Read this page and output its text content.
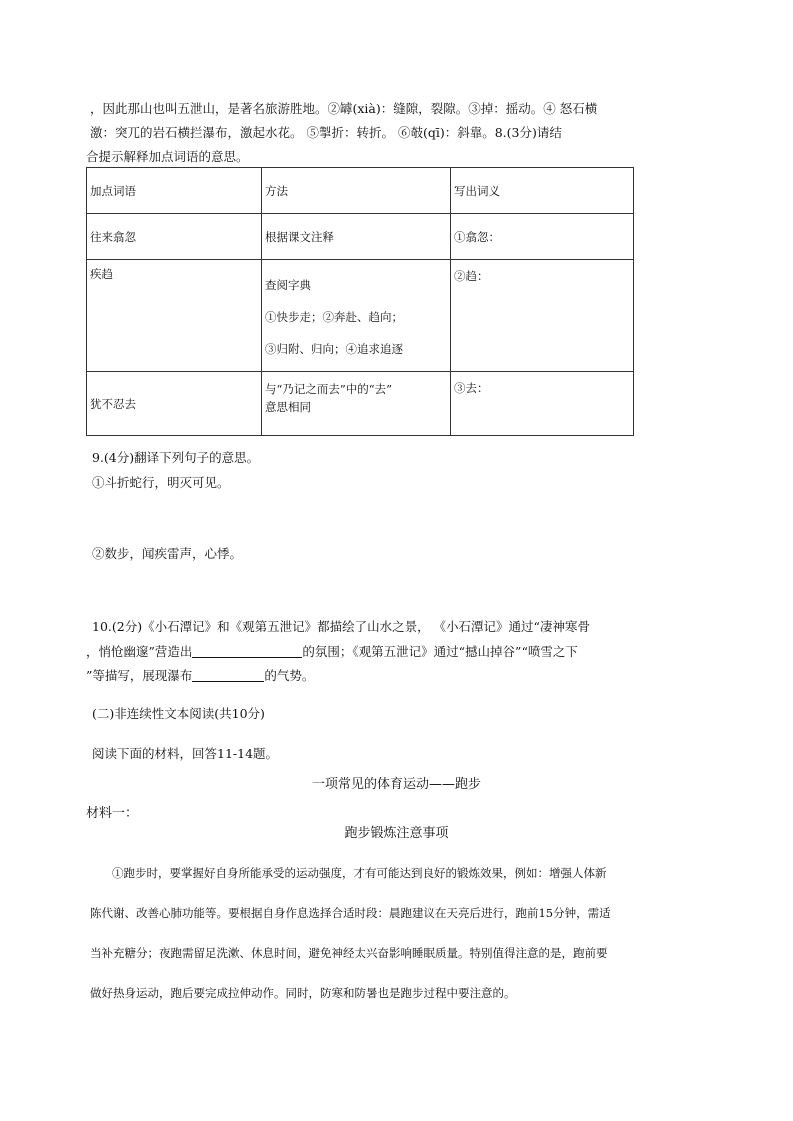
，因此那山也叫五泄山，是著名旅游胜地。②罅(xià)：缝隙，裂隙。③掉：摇动。④ 怒石横
激：突兀的岩石横拦瀑布，激起水花。 ⑤掣折：转折。 ⑥攲(qī)：斜靠。8.(3分)请结
合提示解释加点词语的意思。
加点词语	方法	写出词义
往来翕忽	根据课文注释	①翕忽：
疾趋	查阅字典
①快步走；②奔赴、趋向；
③归附、归向；④追求追逐	②趋：
犹不忍去	与“乃记之而去”中的“去”
意思相同	③去：
9.(4分)翻译下列句子的意思。
①斗折蛇行，明灭可见。
②数步，闻疾雷声，心悸。
10.(2分)《小石潭记》和《观第五泄记》都描绘了山水之景， 《小石潭记》通过“凄神寒骨
，悄怆幽邃”营造出	的氛围；《观第五泄记》通过“撼山掉谷”“喷雪之下
”等描写，展现瀑布	的气势。
(二)非连续性文本阅读(共10分)
阅读下面的材料，回答11-14题。
一项常见的体育运动——跑步
材料一：
跑步锻炼注意事项
①跑步时，要掌握好自身所能承受的运动强度，才有可能达到良好的锻炼效果，例如：增强人体新
陈代谢、改善心肺功能等。要根据自身作息选择合适时段：晨跑建议在天亮后进行，跑前15分钟，需适
当补充糖分；夜跑需留足洗漱、休息时间，避免神经太兴奋影响睡眠质量。特别值得注意的是，跑前要
做好热身运动，跑后要完成拉伸动作。同时，防寒和防暑也是跑步过程中要注意的。
